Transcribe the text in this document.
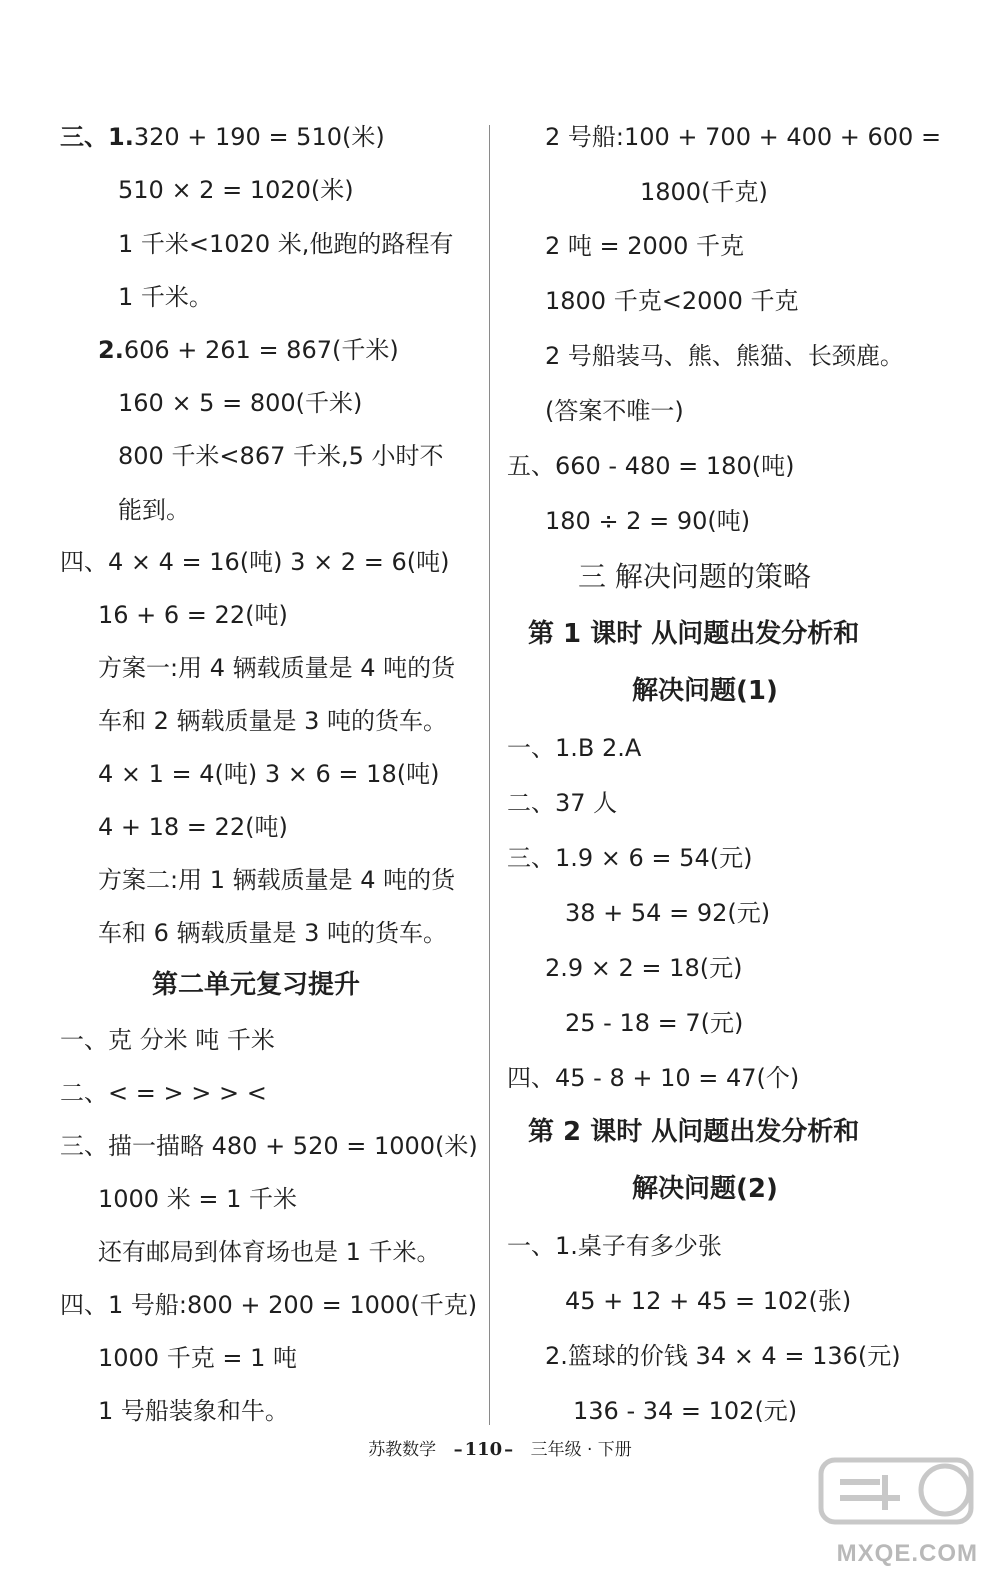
三、1.320 + 190 = 510(米)
510 × 2 = 1020(米)
1 千米<1020 米,他跑的路程有
1 千米。
2.606 + 261 = 867(千米)
160 × 5 = 800(千米)
800 千米<867 千米,5 小时不
能到。
四、4 × 4 = 16(吨) 3 × 2 = 6(吨)
16 + 6 = 22(吨)
方案一:用 4 辆载质量是 4 吨的货
车和 2 辆载质量是 3 吨的货车。
4 × 1 = 4(吨) 3 × 6 = 18(吨)
4 + 18 = 22(吨)
方案二:用 1 辆载质量是 4 吨的货
车和 6 辆载质量是 3 吨的货车。
第二单元复习提升
一、克 分米 吨 千米
二、< = > > > <
三、描一描略 480 + 520 = 1000(米)
1000 米 = 1 千米
还有邮局到体育场也是 1 千米。
四、1 号船:800 + 200 = 1000(千克)
1000 千克 = 1 吨
1 号船装象和牛。
2 号船:100 + 700 + 400 + 600 =
1800(千克)
2 吨 = 2000 千克
1800 千克<2000 千克
2 号船装马、熊、熊猫、长颈鹿。
(答案不唯一)
五、660 - 480 = 180(吨)
180 ÷ 2 = 90(吨)
三 解决问题的策略
第 1 课时 从问题出发分析和
解决问题(1)
一、1.B 2.A
二、37 人
三、1.9 × 6 = 54(元)
38 + 54 = 92(元)
2.9 × 2 = 18(元)
25 - 18 = 7(元)
四、45 - 8 + 10 = 47(个)
第 2 课时 从问题出发分析和
解决问题(2)
一、1.桌子有多少张
45 + 12 + 45 = 102(张)
2.篮球的价钱 34 × 4 = 136(元)
136 - 34 = 102(元)
苏教数学 – 110 – 三年级 · 下册
MXQE.COM
